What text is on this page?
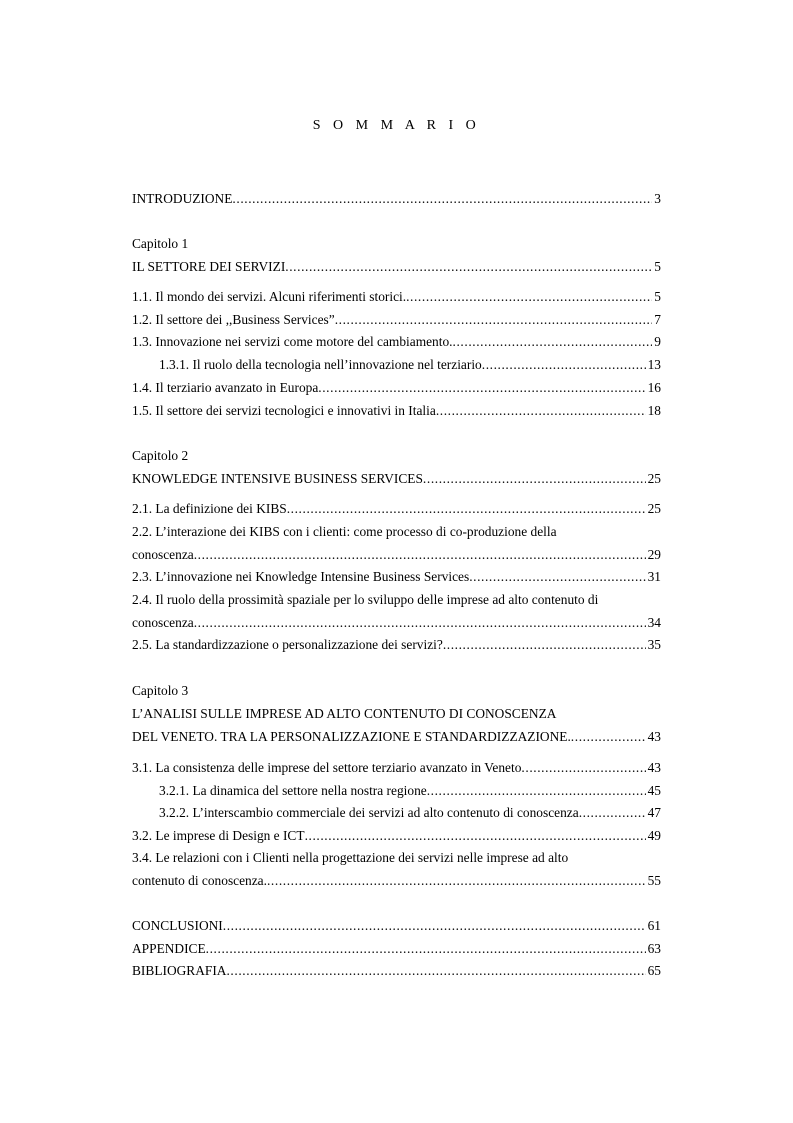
S O M M A R I O
INTRODUZIONE .....	3
Capitolo 1
IL SETTORE DEI SERVIZI .....	5
1.1. Il mondo dei servizi. Alcuni riferimenti storici. .....	5
1.2. Il settore dei ,,Business Services” .....	7
1.3. Innovazione nei servizi come motore del cambiamento. .....	9
1.3.1. Il ruolo della tecnologia nell’innovazione nel terziario .....	13
1.4. Il terziario avanzato in Europa .....	16
1.5. Il settore dei servizi tecnologici e innovativi in Italia .....	18
Capitolo 2
KNOWLEDGE INTENSIVE BUSINESS SERVICES .....	25
2.1. La definizione dei KIBS .....	25
2.2. L’interazione dei KIBS con i clienti: come processo di co-produzione della
conoscenza .....	29
2.3. L’innovazione nei Knowledge Intensine Business Services .....	31
2.4. Il ruolo della prossimità spaziale per lo sviluppo delle imprese ad alto contenuto di
conoscenza .....	34
2.5. La standardizzazione o personalizzazione dei servizi? .....	35
Capitolo 3
L’ANALISI SULLE IMPRESE AD ALTO CONTENUTO DI CONOSCENZA
DEL VENETO. TRA LA PERSONALIZZAZIONE E STANDARDIZZAZIONE. .....	43
3.1. La consistenza delle imprese del settore terziario avanzato in Veneto .....	43
3.2.1. La dinamica del settore nella nostra regione .....	45
3.2.2. L’interscambio commerciale dei servizi ad alto contenuto di conoscenza .....	47
3.2. Le imprese di Design e ICT .....	49
3.4. Le relazioni con i Clienti nella progettazione dei servizi nelle imprese ad alto
contenuto di conoscenza. .....	55
CONCLUSIONI .....	61
APPENDICE .....	63
BIBLIOGRAFIA .....	65
